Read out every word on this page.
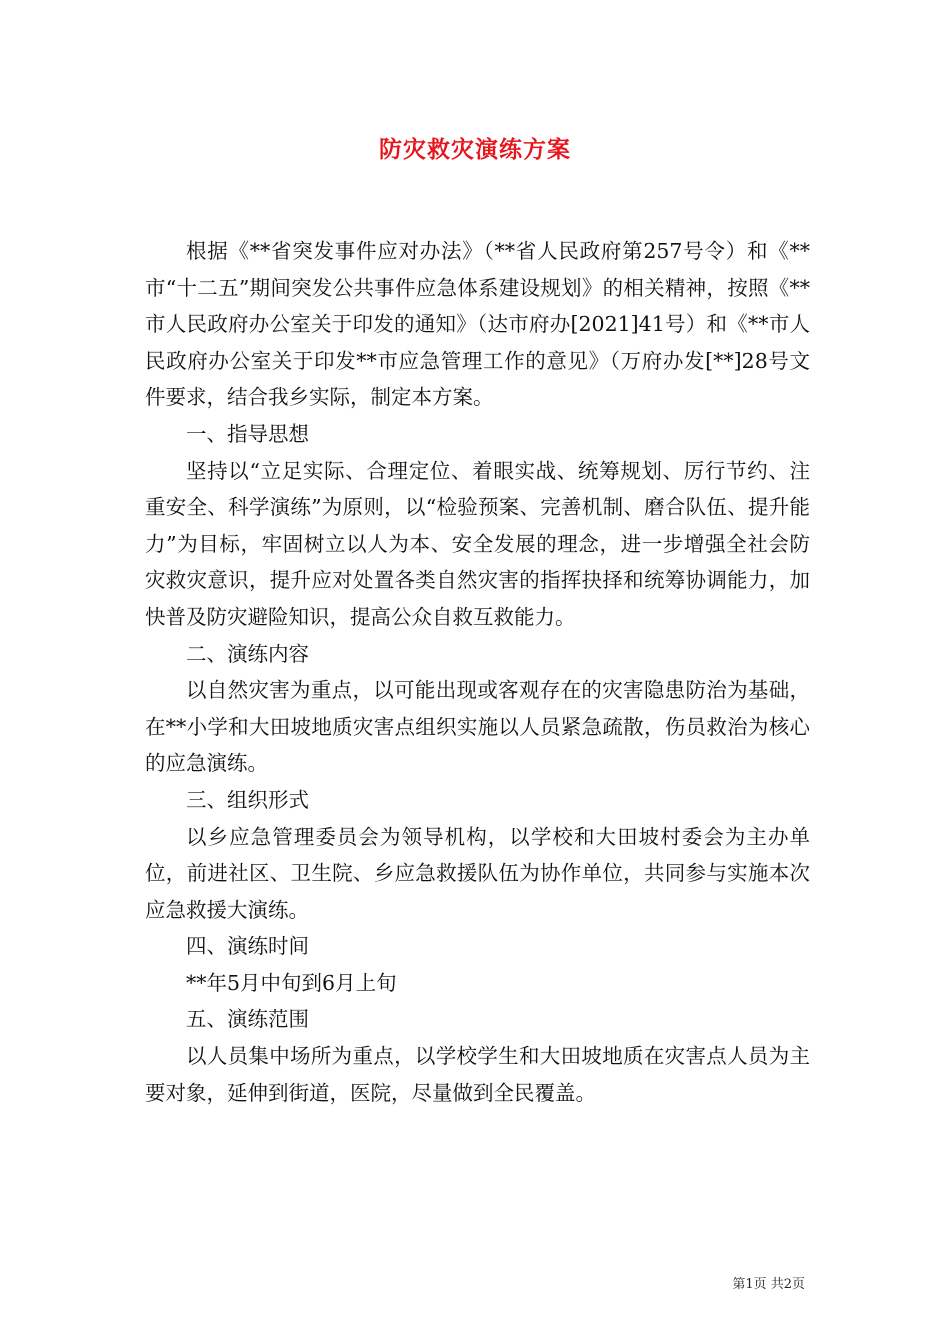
防灾救灾演练方案

根据《**省突发事件应对办法》（**省人民政府第257号令）和《**市“十二五”期间突发公共事件应急体系建设规划》的相关精神，按照《**市人民政府办公室关于印发的通知》（达市府办[2021]41号）和《**市人民政府办公室关于印发**市应急管理工作的意见》（万府办发[**]28号文件要求，结合我乡实际，制定本方案。

一、指导思想

坚持以“立足实际、合理定位、着眼实战、统筹规划、厉行节约、注重安全、科学演练”为原则，以“检验预案、完善机制、磨合队伍、提升能力”为目标，牢固树立以人为本、安全发展的理念，进一步增强全社会防灾救灾意识，提升应对处置各类自然灾害的指挥抉择和统筹协调能力，加快普及防灾避险知识，提高公众自救互救能力。

二、演练内容

以自然灾害为重点，以可能出现或客观存在的灾害隐患防治为基础，在**小学和大田坡地质灾害点组织实施以人员紧急疏散，伤员救治为核心的应急演练。

三、组织形式

以乡应急管理委员会为领导机构，以学校和大田坡村委会为主办单位，前进社区、卫生院、乡应急救援队伍为协作单位，共同参与实施本次应急救援大演练。

四、演练时间

**年5月中旬到6月上旬

五、演练范围

以人员集中场所为重点，以学校学生和大田坡地质在灾害点人员为主要对象，延伸到街道，医院，尽量做到全民覆盖。

第1页 共2页
